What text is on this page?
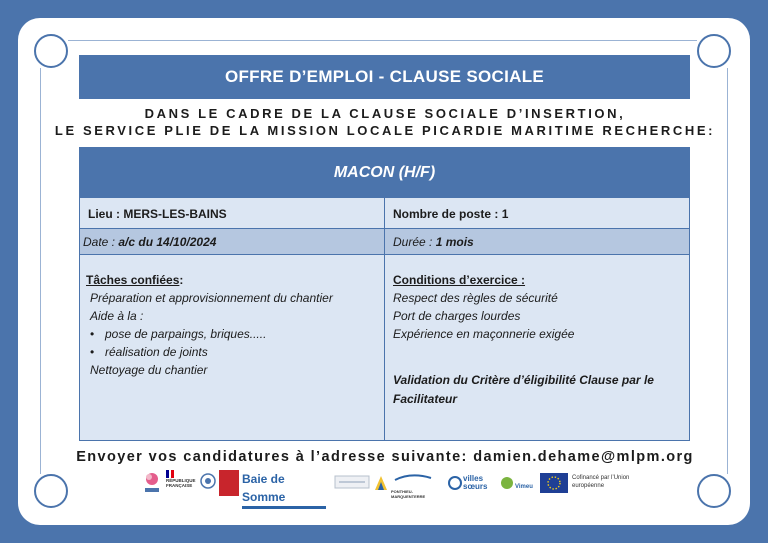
OFFRE D’EMPLOI - CLAUSE SOCIALE
DANS LE CADRE DE LA CLAUSE SOCIALE D’INSERTION,
LE SERVICE PLIE DE LA MISSION LOCALE PICARDIE MARITIME RECHERCHE:
MACON (H/F)
Lieu : MERS-LES-BAINS	Nombre de poste : 1
Date : a/c du 14/10/2024	Durée : 1 mois
Tâches confiées:
Préparation et approvisionnement du chantier
Aide à la :
• pose de parpaings, briques.....
• réalisation de joints
Nettoyage du chantier
Conditions d’exercice :
Respect des règles de sécurité
Port de charges lourdes
Expérience en maçonnerie exigée
Validation du Critère d’éligibilité Clause par le Facilitateur
Envoyer vos candidatures à l’adresse suivante: damien.dehame@mlpm.org
RÉPUBLIQUE FRANÇAISE	Baie de Somme	PONTHIEU-MARQUENTERRE
villes sœurs	Vimeu
Cofinancé par l’Union européenne
